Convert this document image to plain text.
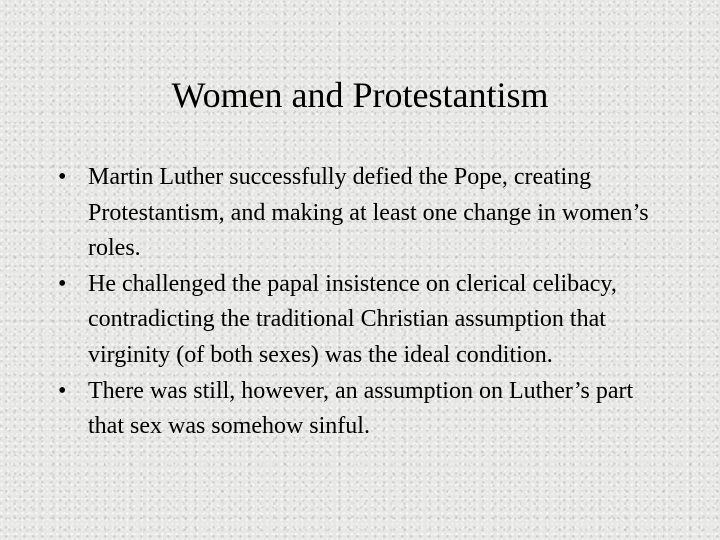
Women and Protestantism
• Martin Luther successfully defied the Pope, creating Protestantism, and making at least one change in women’s roles.
• He challenged the papal insistence on clerical celibacy, contradicting the traditional Christian assumption that virginity (of both sexes) was the ideal condition.
• There was still, however, an assumption on Luther’s part that sex was somehow sinful.
